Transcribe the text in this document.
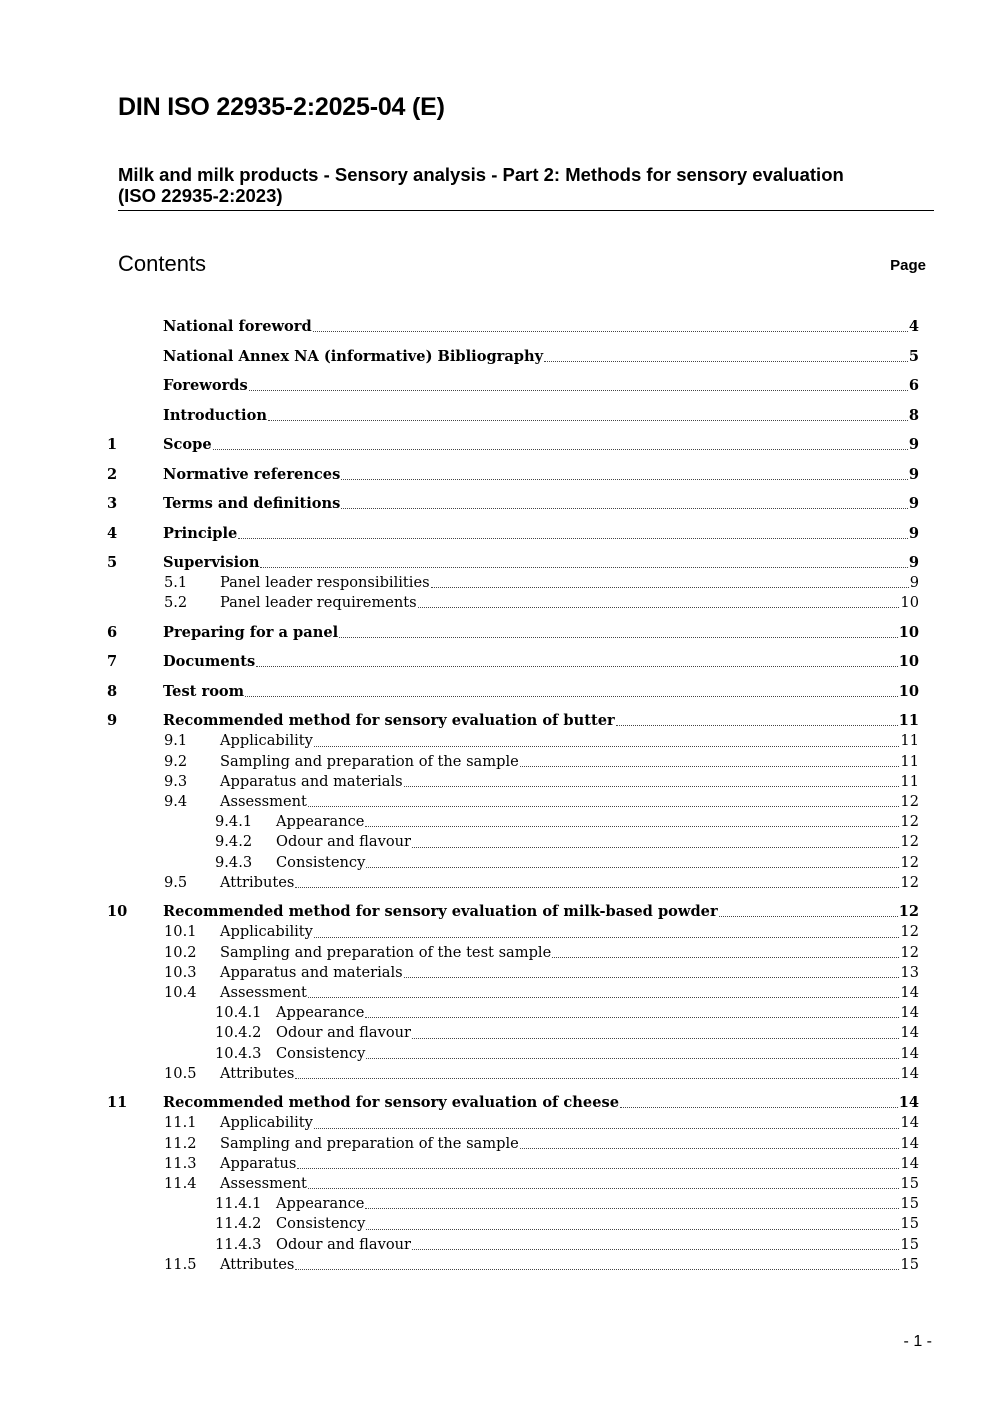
DIN ISO 22935-2:2025-04 (E)
Milk and milk products - Sensory analysis - Part 2: Methods for sensory evaluation
(ISO 22935-2:2023)
Contents	Page
National foreword	4
National Annex NA (informative) Bibliography	5
Forewords	6
Introduction	8
1	Scope	9
2	Normative references	9
3	Terms and definitions	9
4	Principle	9
5	Supervision	9
5.1	Panel leader responsibilities	9
5.2	Panel leader requirements	10
6	Preparing for a panel	10
7	Documents	10
8	Test room	10
9	Recommended method for sensory evaluation of butter	11
9.1	Applicability	11
9.2	Sampling and preparation of the sample	11
9.3	Apparatus and materials	11
9.4	Assessment	12
9.4.1	Appearance	12
9.4.2	Odour and flavour	12
9.4.3	Consistency	12
9.5	Attributes	12
10	Recommended method for sensory evaluation of milk-based powder	12
10.1	Applicability	12
10.2	Sampling and preparation of the test sample	12
10.3	Apparatus and materials	13
10.4	Assessment	14
10.4.1 Appearance	14
10.4.2 Odour and flavour	14
10.4.3 Consistency	14
10.5	Attributes	14
11	Recommended method for sensory evaluation of cheese	14
11.1	Applicability	14
11.2	Sampling and preparation of the sample	14
11.3	Apparatus	14
11.4	Assessment	15
11.4.1 Appearance	15
11.4.2 Consistency	15
11.4.3 Odour and flavour	15
11.5	Attributes	15
- 1 -
